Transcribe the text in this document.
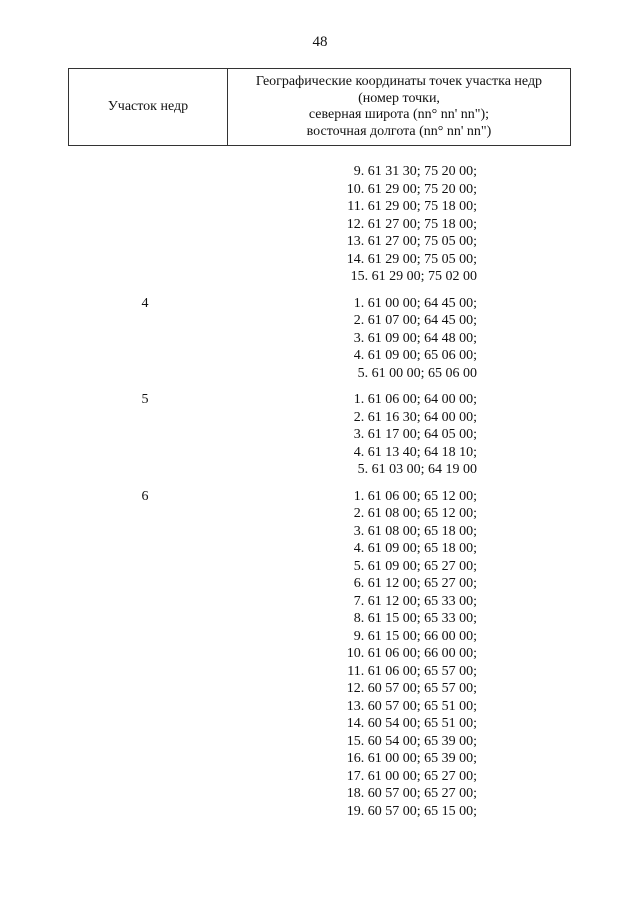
48
Участок недр	
Географические координаты точек участка недр
(номер точки,
северная широта (nn° nn' nn");
восточная долгота (nn° nn' nn")
9. 61 31 30; 75 20 00;
10. 61 29 00; 75 20 00;
11. 61 29 00; 75 18 00;
12. 61 27 00; 75 18 00;
13. 61 27 00; 75 05 00;
14. 61 29 00; 75 05 00;
15. 61 29 00; 75 02 00
4	1. 61 00 00; 64 45 00;
2. 61 07 00; 64 45 00;
3. 61 09 00; 64 48 00;
4. 61 09 00; 65 06 00;
5. 61 00 00; 65 06 00
5	1. 61 06 00; 64 00 00;
2. 61 16 30; 64 00 00;
3. 61 17 00; 64 05 00;
4. 61 13 40; 64 18 10;
5. 61 03 00; 64 19 00
6	1. 61 06 00; 65 12 00;
2. 61 08 00; 65 12 00;
3. 61 08 00; 65 18 00;
4. 61 09 00; 65 18 00;
5. 61 09 00; 65 27 00;
6. 61 12 00; 65 27 00;
7. 61 12 00; 65 33 00;
8. 61 15 00; 65 33 00;
9. 61 15 00; 66 00 00;
10. 61 06 00; 66 00 00;
11. 61 06 00; 65 57 00;
12. 60 57 00; 65 57 00;
13. 60 57 00; 65 51 00;
14. 60 54 00; 65 51 00;
15. 60 54 00; 65 39 00;
16. 61 00 00; 65 39 00;
17. 61 00 00; 65 27 00;
18. 60 57 00; 65 27 00;
19. 60 57 00; 65 15 00;
